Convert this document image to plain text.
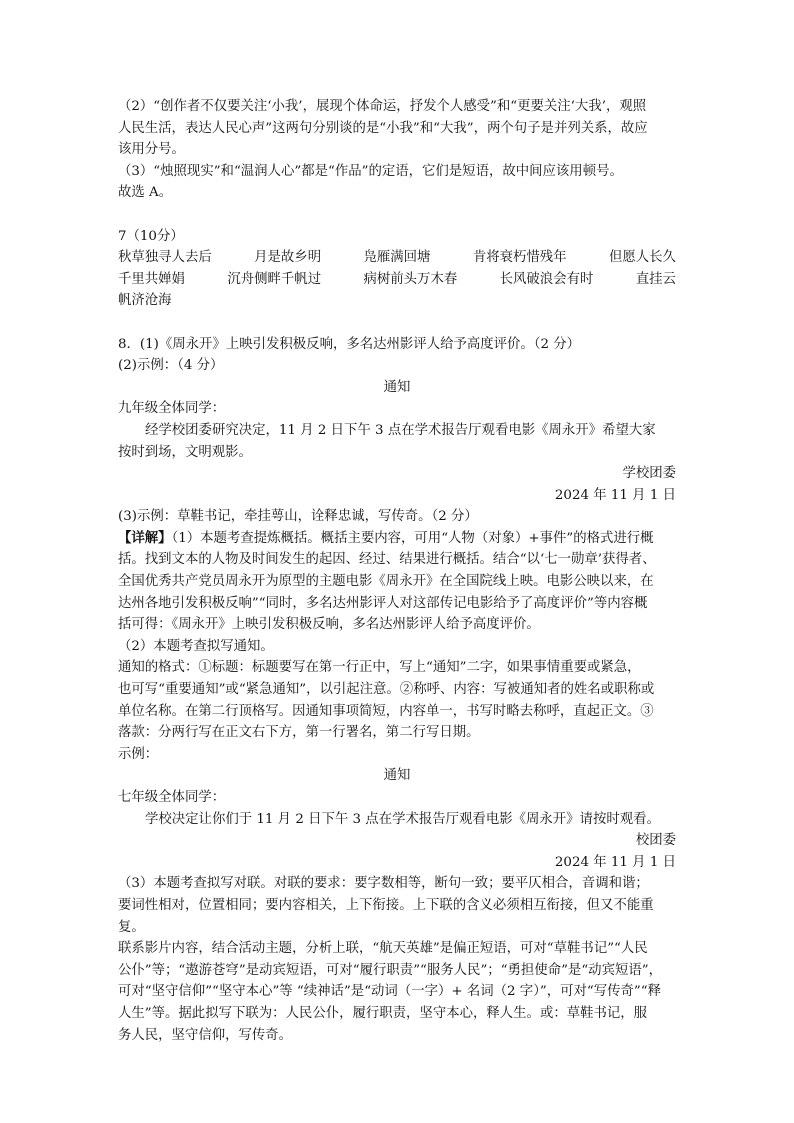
（2）“创作者不仅要关注‘小我’，展现个体命运，抒发个人感受”和“更要关注‘大我’，观照
人民生活，表达人民心声”这两句分别谈的是“小我”和“大我”，两个句子是并列关系，故应
该用分号。
（3）“烛照现实”和“温润人心”都是“作品”的定语，它们是短语，故中间应该用顿号。
故选 A。
7（10分）
秋草独寻人去后	月是故乡明	凫雁满回塘	肯将衰朽惜残年	但愿人长久
千里共婵娟	沉舟侧畔千帆过	病树前头万木春	长风破浪会有时	直挂云
帆济沧海
8．(1)《周永开》上映引发积极反响，多名达州影评人给予高度评价。（2 分）
(2)示例：（4 分）
通知
九年级全体同学：
经学校团委研究决定，11 月 2 日下午 3 点在学术报告厅观看电影《周永开》希望大家
按时到场，文明观影。
学校团委
2024 年 11 月 1 日
(3)示例：草鞋书记，牵挂萼山，诠释忠诚，写传奇。（2 分）
【详解】（1）本题考查提炼概括。概括主要内容，可用“人物（对象）+事件”的格式进行概
括。找到文本的人物及时间发生的起因、经过、结果进行概括。结合“以‘七一勋章’获得者、
全国优秀共产党员周永开为原型的主题电影《周永开》在全国院线上映。电影公映以来，在
达州各地引发积极反响”“同时，多名达州影评人对这部传记电影给予了高度评价”等内容概
括可得：《周永开》上映引发积极反响，多名达州影评人给予高度评价。
（2）本题考查拟写通知。
通知的格式：①标题：标题要写在第一行正中，写上“通知”二字，如果事情重要或紧急，
也可写“重要通知”或“紧急通知”，以引起注意。②称呼、内容：写被通知者的姓名或职称或
单位名称。在第二行顶格写。因通知事项简短，内容单一，书写时略去称呼，直起正文。③
落款：分两行写在正文右下方，第一行署名，第二行写日期。
示例：
通知
七年级全体同学：
学校决定让你们于 11 月 2 日下午 3 点在学术报告厅观看电影《周永开》请按时观看。
校团委
2024 年 11 月 1 日
（3）本题考查拟写对联。对联的要求：要字数相等，断句一致；要平仄相合，音调和谐；
要词性相对，位置相同；要内容相关，上下衔接。上下联的含义必须相互衔接，但又不能重
复。
联系影片内容，结合活动主题，分析上联，“航天英雄”是偏正短语，可对“草鞋书记”“人民
公仆”等；“遨游苍穹”是动宾短语，可对“履行职责”“服务人民”；“勇担使命”是“动宾短语”，
可对“坚守信仰”“坚守本心”等 “续神话”是“动词（一字）+ 名词（2 字）”，可对“写传奇”“释
人生”等。据此拟写下联为：人民公仆，履行职责，坚守本心，释人生。或：草鞋书记，服
务人民，坚守信仰，写传奇。
